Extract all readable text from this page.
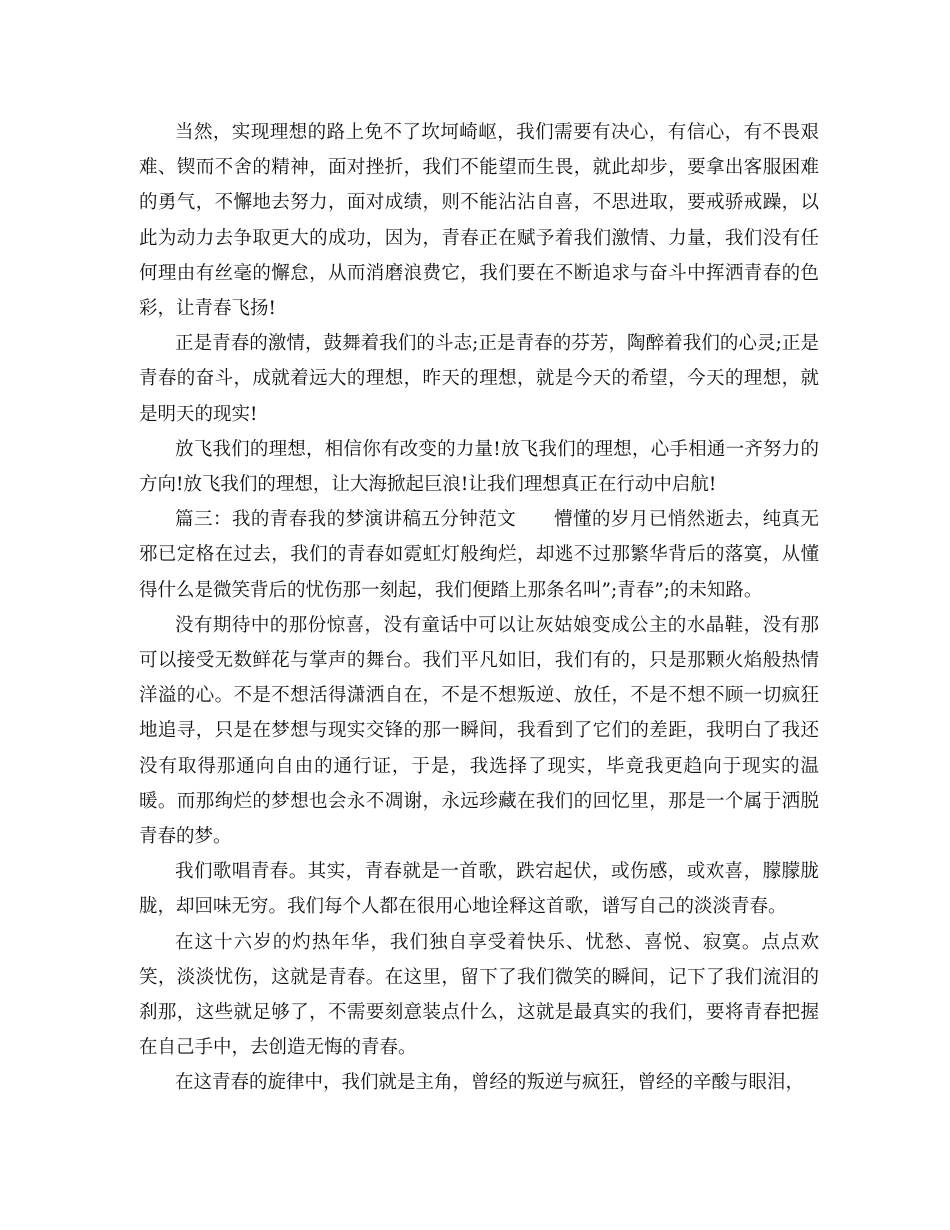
当然，实现理想的路上免不了坎坷崎岖，我们需要有决心，有信心，有不畏艰难、锲而不舍的精神，面对挫折，我们不能望而生畏，就此却步，要拿出客服困难的勇气，不懈地去努力，面对成绩，则不能沾沾自喜，不思进取，要戒骄戒躁，以此为动力去争取更大的成功，因为，青春正在赋予着我们激情、力量，我们没有任何理由有丝毫的懈怠，从而消磨浪费它，我们要在不断追求与奋斗中挥洒青春的色彩，让青春飞扬!

正是青春的激情，鼓舞着我们的斗志;正是青春的芬芳，陶醉着我们的心灵;正是青春的奋斗，成就着远大的理想，昨天的理想，就是今天的希望，今天的理想，就是明天的现实!

放飞我们的理想，相信你有改变的力量!放飞我们的理想，心手相通一齐努力的方向!放飞我们的理想，让大海掀起巨浪!让我们理想真正在行动中启航!

篇三：我的青春我的梦演讲稿五分钟范文　　懵懂的岁月已悄然逝去，纯真无邪已定格在过去，我们的青春如霓虹灯般绚烂，却逃不过那繁华背后的落寞，从懂得什么是微笑背后的忧伤那一刻起，我们便踏上那条名叫”;青春”;的未知路。

没有期待中的那份惊喜，没有童话中可以让灰姑娘变成公主的水晶鞋，没有那可以接受无数鲜花与掌声的舞台。我们平凡如旧，我们有的，只是那颗火焰般热情洋溢的心。不是不想活得潇洒自在，不是不想叛逆、放任，不是不想不顾一切疯狂地追寻，只是在梦想与现实交锋的那一瞬间，我看到了它们的差距，我明白了我还没有取得那通向自由的通行证，于是，我选择了现实，毕竟我更趋向于现实的温暖。而那绚烂的梦想也会永不凋谢，永远珍藏在我们的回忆里，那是一个属于洒脱青春的梦。

我们歌唱青春。其实，青春就是一首歌，跌宕起伏，或伤感，或欢喜，朦朦胧胧，却回味无穷。我们每个人都在很用心地诠释这首歌，谱写自己的淡淡青春。

在这十六岁的灼热年华，我们独自享受着快乐、忧愁、喜悦、寂寞。点点欢笑，淡淡忧伤，这就是青春。在这里，留下了我们微笑的瞬间，记下了我们流泪的刹那，这些就足够了，不需要刻意装点什么，这就是最真实的我们，要将青春把握在自己手中，去创造无悔的青春。

在这青春的旋律中，我们就是主角，曾经的叛逆与疯狂，曾经的辛酸与眼泪，
